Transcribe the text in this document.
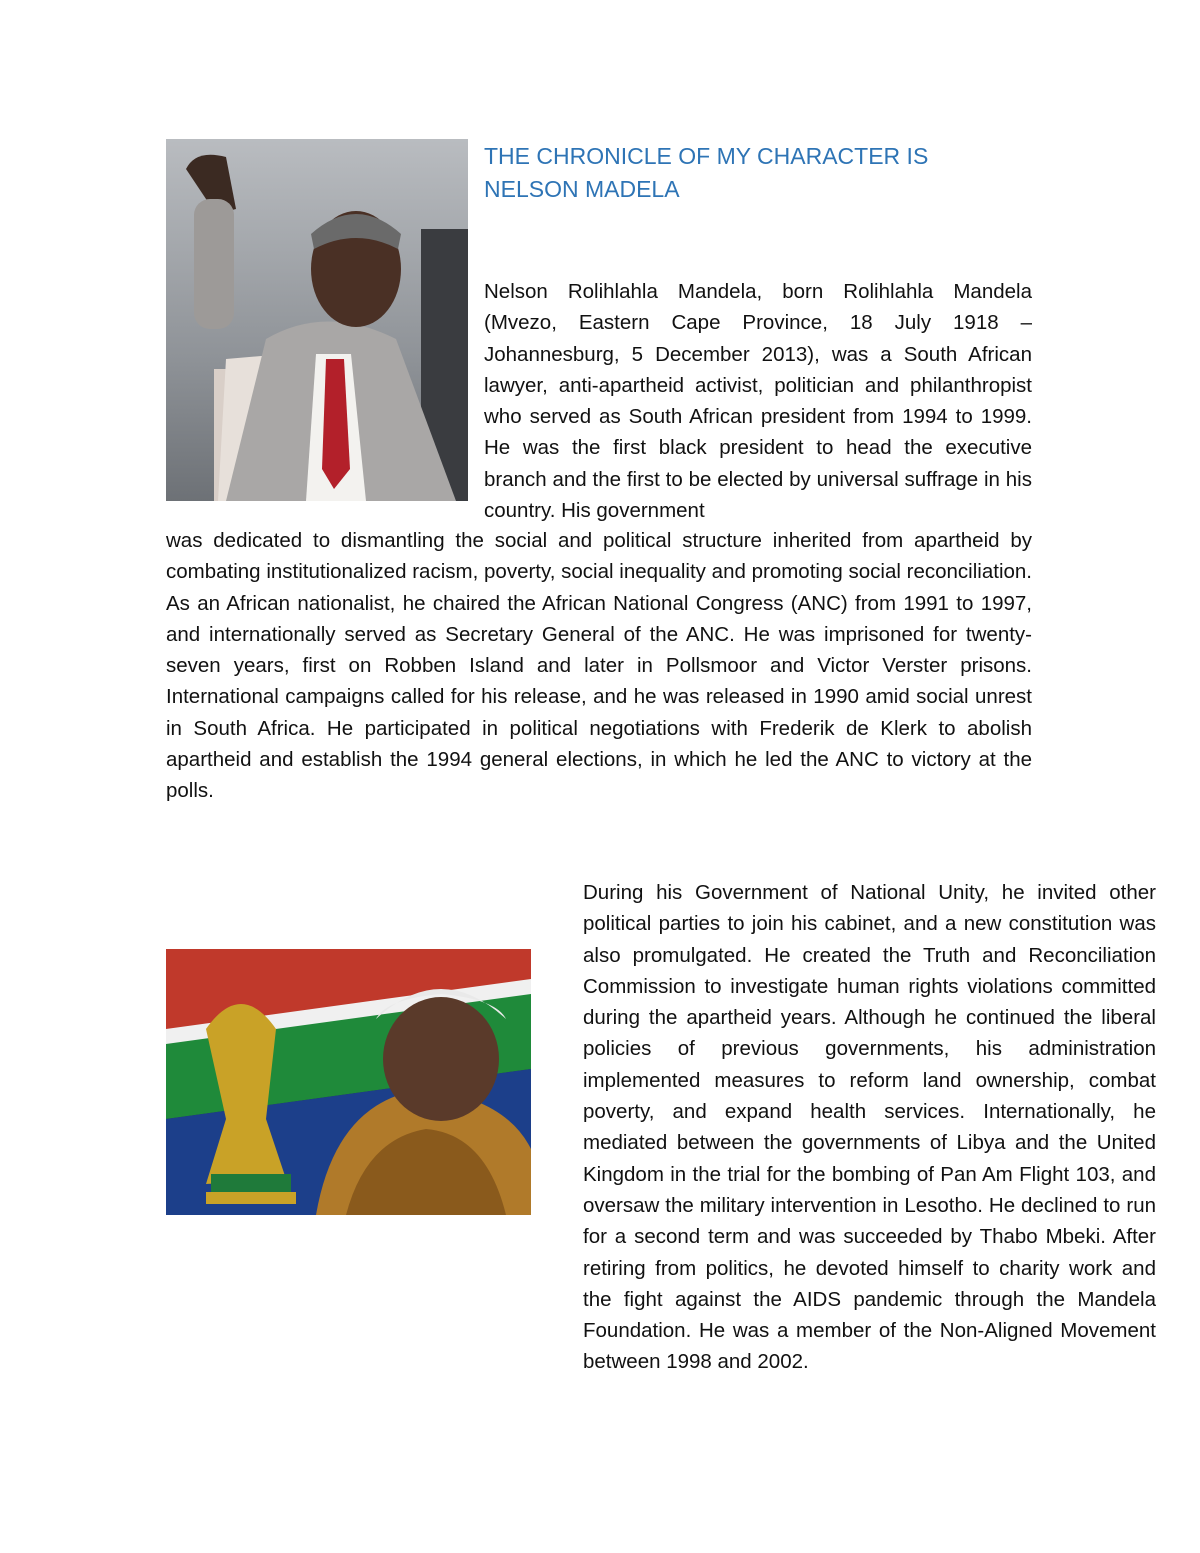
THE CHRONICLE OF MY CHARACTER IS
NELSON MADELA

Nelson Rolihlahla Mandela, born Rolihlahla Mandela (Mvezo, Eastern Cape Province, 18 July 1918 – Johannesburg, 5 December 2013), was a South African lawyer, anti-apartheid activist, politician and philanthropist who served as South African president from 1994 to 1999. He was the first black president to head the executive branch and the first to be elected by universal suffrage in his country. His government

was dedicated to dismantling the social and political structure inherited from apartheid by combating institutionalized racism, poverty, social inequality and promoting social reconciliation. As an African nationalist, he chaired the African National Congress (ANC) from 1991 to 1997, and internationally served as Secretary General of the ANC. He was imprisoned for twenty-seven years, first on Robben Island and later in Pollsmoor and Victor Verster prisons. International campaigns called for his release, and he was released in 1990 amid social unrest in South Africa. He participated in political negotiations with Frederik de Klerk to abolish apartheid and establish the 1994 general elections, in which he led the ANC to victory at the polls.

During his Government of National Unity, he invited other political parties to join his cabinet, and a new constitution was also promulgated. He created the Truth and Reconciliation Commission to investigate human rights violations committed during the apartheid years. Although he continued the liberal policies of previous governments, his administration implemented measures to reform land ownership, combat poverty, and expand health services. Internationally, he mediated between the governments of Libya and the United Kingdom in the trial for the bombing of Pan Am Flight 103, and oversaw the military intervention in Lesotho. He declined to run for a second term and was succeeded by Thabo Mbeki. After retiring from politics, he devoted himself to charity work and the fight against the AIDS pandemic through the Mandela Foundation. He was a member of the Non-Aligned Movement between 1998 and 2002.
